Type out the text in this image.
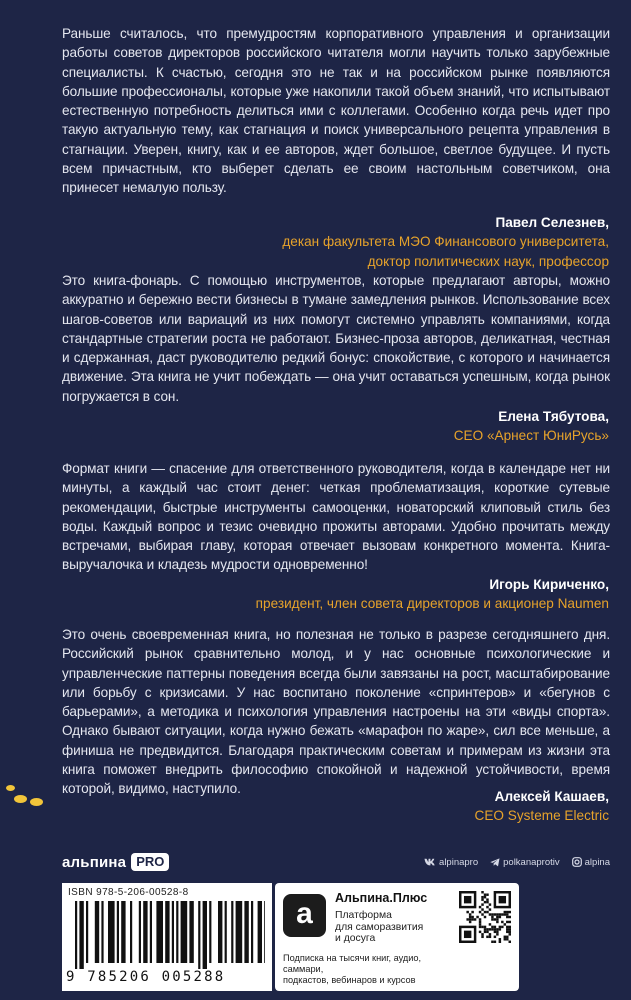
Раньше считалось, что премудростям корпоративного управления и организации работы советов директоров российского читателя могли научить только зарубежные специалисты. К счастью, сегодня это не так и на российском рынке появляются большие профессионалы, которые уже накопили такой объем знаний, что испытывают естественную потребность делиться ими с коллегами. Особенно когда речь идет про такую актуальную тему, как стагнация и поиск универсального рецепта управления в стагнации. Уверен, книгу, как и ее авторов, ждет большое, светлое будущее. И пусть всем причастным, кто выберет сделать ее своим настольным советчиком, она принесет немалую пользу.

Павел Селезнев,
декан факультета МЭО Финансового университета,
доктор политических наук, профессор

Это книга-фонарь. С помощью инструментов, которые предлагают авторы, можно аккуратно и бережно вести бизнесы в тумане замедления рынков. Использование всех шагов-советов или вариаций из них помогут системно управлять компаниями, когда стандартные стратегии роста не работают. Бизнес-проза авторов, деликатная, честная и сдержанная, даст руководителю редкий бонус: спокойствие, с которого и начинается движение. Эта книга не учит побеждать — она учит оставаться успешным, когда рынок погружается в сон.

Елена Тябутова,
CEO «Арнест ЮниРусь»

Формат книги — спасение для ответственного руководителя, когда в календаре нет ни минуты, а каждый час стоит денег: четкая проблематизация, короткие сутевые рекомендации, быстрые инструменты самооценки, новаторский клиповый стиль без воды. Каждый вопрос и тезис очевидно прожиты авторами. Удобно прочитать между встречами, выбирая главу, которая отвечает вызовам конкретного момента. Книга-выручалочка и кладезь мудрости одновременно!

Игорь Кириченко,
президент, член совета директоров и акционер Naumen

Это очень своевременная книга, но полезная не только в разрезе сегодняшнего дня. Российский рынок сравнительно молод, и у нас основные психологические и управленческие паттерны поведения всегда были завязаны на рост, масштабирование или борьбу с кризисами. У нас воспитано поколение «спринтеров» и «бегунов с барьерами», а методика и психология управления настроены на эти «виды спорта». Однако бывают ситуации, когда нужно бежать «марафон по жаре», сил все меньше, а финиша не предвидится. Благодаря практическим советам и примерам из жизни эта книга поможет внедрить философию спокойной и надежной устойчивости, время которой, видимо, наступило.

Алексей Кашаев,
CEO Systeme Electric
альпина PRO	alpinapro	polkanaprotiv	alpina
ISBN 978-5-206-00528-8
9 785206 005288
a	Альпина.Плюс
Платформа
для саморазвития
и досуга
Подписка на тысячи книг, аудио, саммари,
подкастов, вебинаров и курсов
